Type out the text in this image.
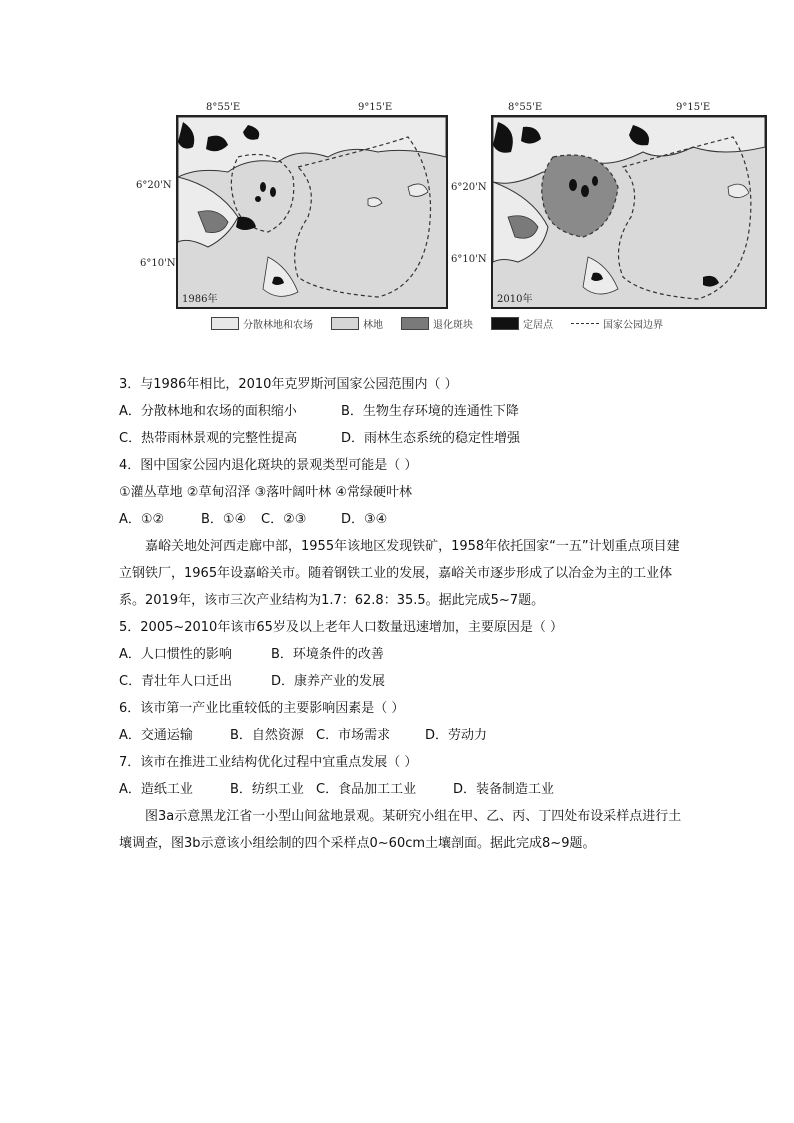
8°55'E	9°15'E	8°55'E	9°15'E
6°20'N
6°10'N
1986年	2010年
6°20'N
6°10'N
分散林地和农场	林地	退化斑块	定居点	国家公园边界
3．与1986年相比，2010年克罗斯河国家公园范围内（ ）
A．分散林地和农场的面积缩小	B．生物生存环境的连通性下降
C．热带雨林景观的完整性提高	D．雨林生态系统的稳定性增强
4．图中国家公园内退化斑块的景观类型可能是（ ）
①灌丛草地 ②草甸沼泽 ③落叶阔叶林 ④常绿硬叶林
A．①②	B．①④ C．②③	D．③④
嘉峪关地处河西走廊中部，1955年该地区发现铁矿，1958年依托国家“一五”计划重点项目建立钢铁厂，1965年设嘉峪关市。随着钢铁工业的发展，嘉峪关市逐步形成了以冶金为主的工业体系。2019年，该市三次产业结构为1.7：62.8：35.5。据此完成5~7题。
5．2005~2010年该市65岁及以上老年人口数量迅速增加，主要原因是（ ）
A．人口惯性的影响	B．环境条件的改善
C．青壮年人口迁出	D．康养产业的发展
6．该市第一产业比重较低的主要影响因素是（ ）
A．交通运输	B．自然资源 C．市场需求	D．劳动力
7．该市在推进工业结构优化过程中宜重点发展（ ）
A．造纸工业	B．纺织工业 C．食品加工工业	D．装备制造工业
图3a示意黑龙江省一小型山间盆地景观。某研究小组在甲、乙、丙、丁四处布设采样点进行土壤调查，图3b示意该小组绘制的四个采样点0~60cm土壤剖面。据此完成8~9题。
